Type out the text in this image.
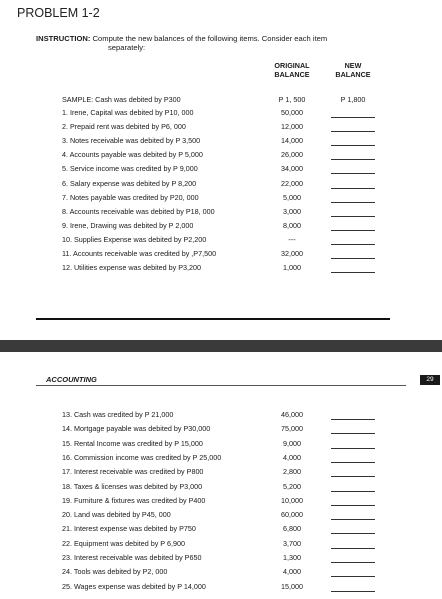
PROBLEM 1-2
INSTRUCTION: Compute the new balances of the following items. Consider each item
separately:
ORIGINAL
BALANCE
NEW
BALANCE
SAMPLE: Cash was debited by P300	P 1, 500	P 1,800
1. Irene, Capital was debited by P10, 000	50,000
2. Prepaid rent was debited by P6, 000	12,000
3. Notes receivable was debited by P 3,500	14,000
4. Accounts payable was debited by P 5,000	26,000
5. Service income was credited by P 9,000	34,000
6. Salary expense was debited by P 8,200	22,000
7. Notes payable was credited by P20, 000	5,000
8. Accounts receivable was debited by P18, 000	3,000
9. Irene, Drawing was debited by P 2,000	8,000
10. Supplies Expense was debited by P2,200	---
11. Accounts receivable was credited by ,P7,500	32,000
12. Utilities expense was debited by P3,200	1,000
ACCOUNTING	29
13. Cash was credited by P 21,000	46,000
14. Mortgage payable was debited by P30,000	75,000
15. Rental Income was credited by P 15,000	9,000
16. Commission income was credited by P 25,000	4,000
17. Interest receivable was credited by P800	2,800
18. Taxes & licenses was debited by P3,000	5,200
19. Furniture & fixtures was credited by P400	10,000
20. Land was debited by P45, 000	60,000
21. Interest expense was debited by P750	6,800
22. Equipment was debited by P 6,900	3,700
23. Interest receivable was debited by P650	1,300
24. Tools was debited by P2, 000	4,000
25. Wages expense was debited by P 14,000	15,000
